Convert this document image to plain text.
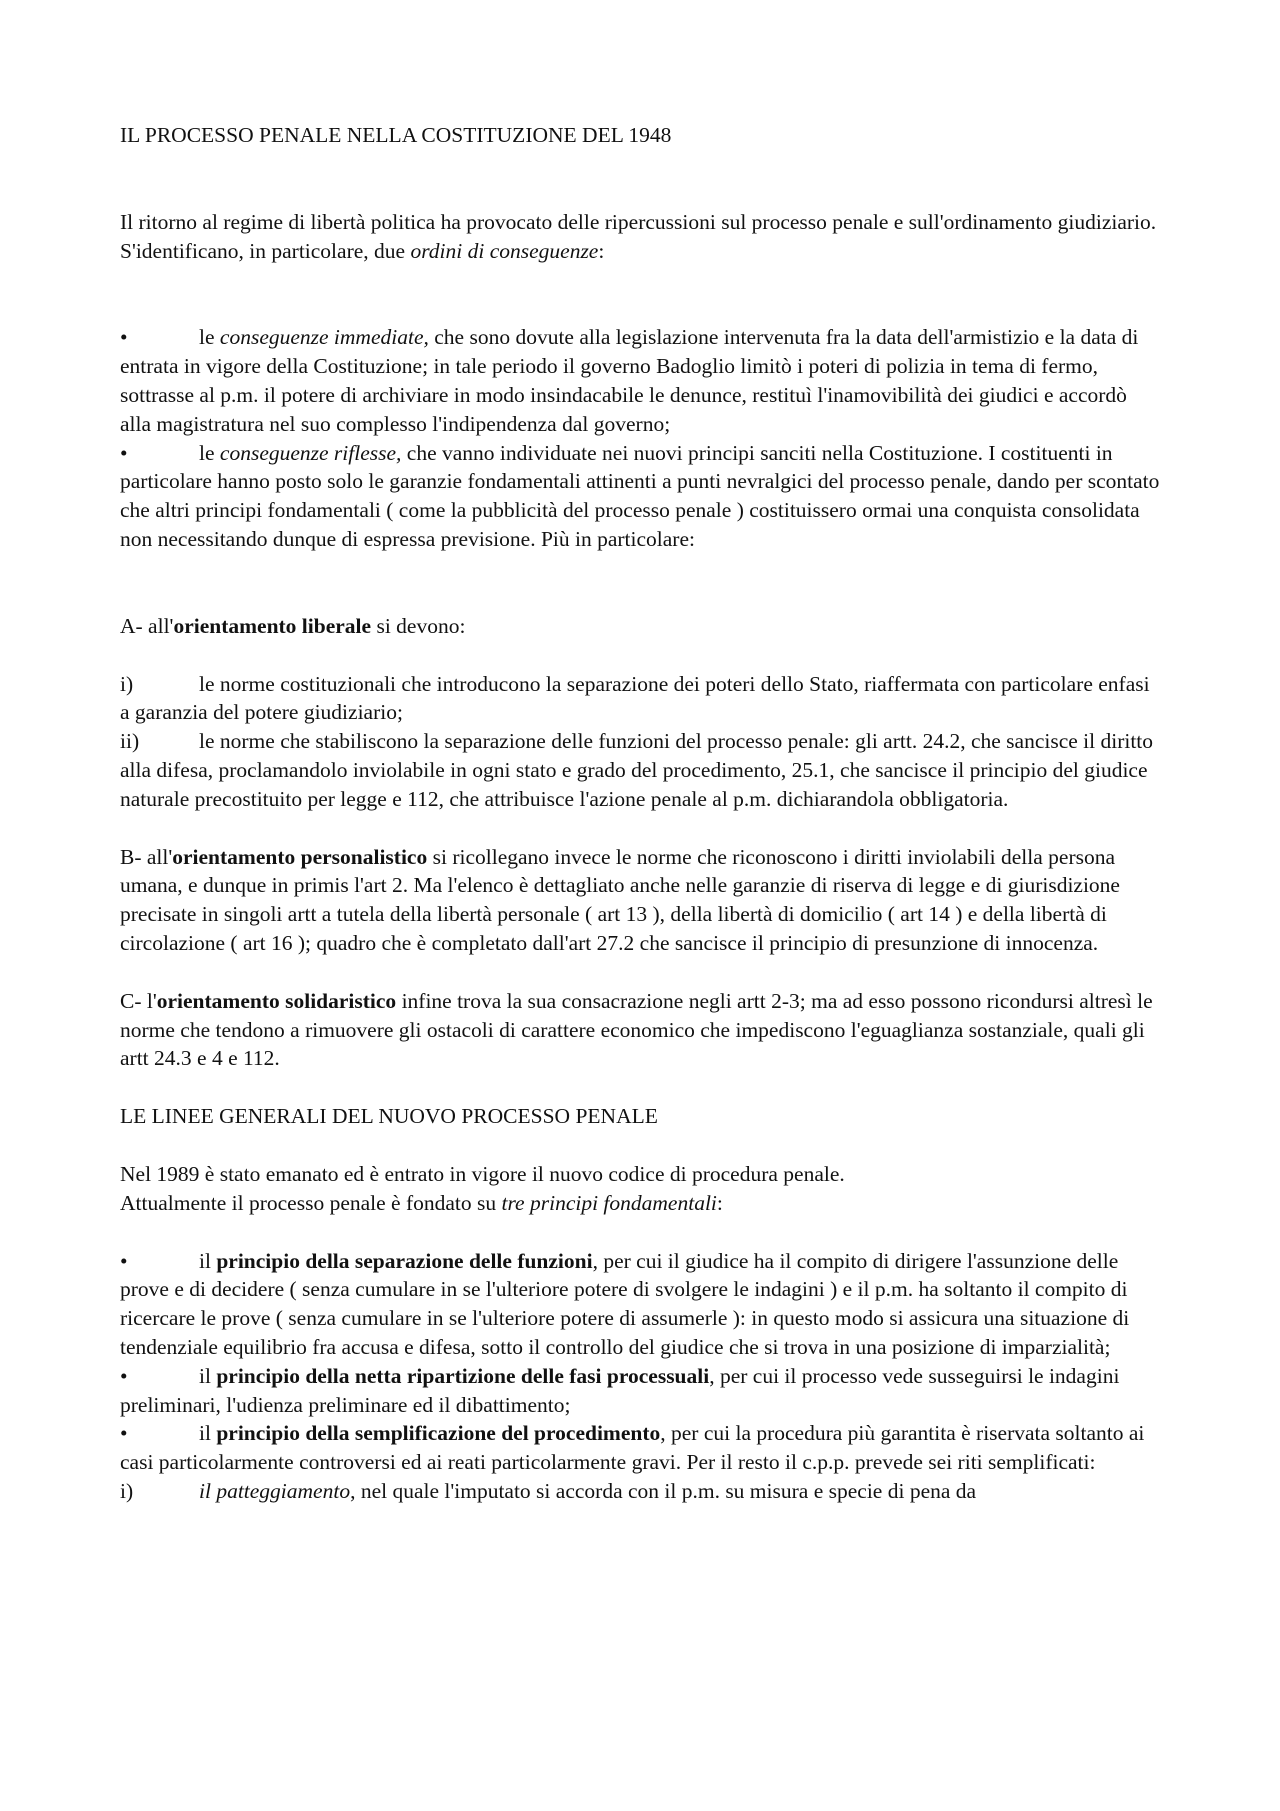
IL PROCESSO PENALE NELLA COSTITUZIONE DEL 1948

Il ritorno al regime di libertà politica ha provocato delle ripercussioni sul processo penale e sull'ordinamento giudiziario. S'identificano, in particolare, due ordini di conseguenze:

•	le conseguenze immediate, che sono dovute alla legislazione intervenuta fra la data dell'armistizio e la data di entrata in vigore della Costituzione; in tale periodo il governo Badoglio limitò i poteri di polizia in tema di fermo, sottrasse al p.m. il potere di archiviare in modo insindacabile le denunce, restituì l'inamovibilità dei giudici e accordò alla magistratura nel suo complesso l'indipendenza dal governo;

•	le conseguenze riflesse, che vanno individuate nei nuovi principi sanciti nella Costituzione. I costituenti in particolare hanno posto solo le garanzie fondamentali attinenti a punti nevralgici del processo penale, dando per scontato che altri principi fondamentali ( come la pubblicità del processo penale ) costituissero ormai una conquista consolidata non necessitando dunque di espressa previsione. Più in particolare:

A- all'orientamento liberale si devono:

i)	le norme costituzionali che introducono la separazione dei poteri dello Stato, riaffermata con particolare enfasi a garanzia del potere giudiziario;

ii)	le norme che stabiliscono la separazione delle funzioni del processo penale: gli artt. 24.2, che sancisce il diritto alla difesa, proclamandolo inviolabile in ogni stato e grado del procedimento, 25.1, che sancisce il principio del giudice naturale precostituito per legge e 112, che attribuisce l'azione penale al p.m. dichiarandola obbligatoria.

B- all'orientamento personalistico si ricollegano invece le norme che riconoscono i diritti inviolabili della persona umana, e dunque in primis l'art 2. Ma l'elenco è dettagliato anche nelle garanzie di riserva di legge e di giurisdizione precisate in singoli artt a tutela della libertà personale ( art 13 ), della libertà di domicilio ( art 14 ) e della libertà di circolazione ( art 16 ); quadro che è completato dall'art 27.2 che sancisce il principio di presunzione di innocenza.

C- l'orientamento solidaristico infine trova la sua consacrazione negli artt 2-3; ma ad esso possono ricondursi altresì le norme che tendono a rimuovere gli ostacoli di carattere economico che impediscono l'eguaglianza sostanziale, quali gli artt 24.3 e 4 e 112.

LE LINEE GENERALI DEL NUOVO PROCESSO PENALE

Nel 1989 è stato emanato ed è entrato in vigore il nuovo codice di procedura penale.

Attualmente il processo penale è fondato su tre principi fondamentali:

•	il principio della separazione delle funzioni, per cui il giudice ha il compito di dirigere l'assunzione delle prove e di decidere ( senza cumulare in se l'ulteriore potere di svolgere le indagini ) e il p.m. ha soltanto il compito di ricercare le prove ( senza cumulare in se l'ulteriore potere di assumerle ): in questo modo si assicura una situazione di tendenziale equilibrio fra accusa e difesa, sotto il controllo del giudice che si trova in una posizione di imparzialità;

•	il principio della netta ripartizione delle fasi processuali, per cui il processo vede susseguirsi le indagini preliminari, l'udienza preliminare ed il dibattimento;

•	il principio della semplificazione del procedimento, per cui la procedura più garantita è riservata soltanto ai casi particolarmente controversi ed ai reati particolarmente gravi. Per il resto il c.p.p. prevede sei riti semplificati:

i)	il patteggiamento, nel quale l'imputato si accorda con il p.m. su misura e specie di pena da
